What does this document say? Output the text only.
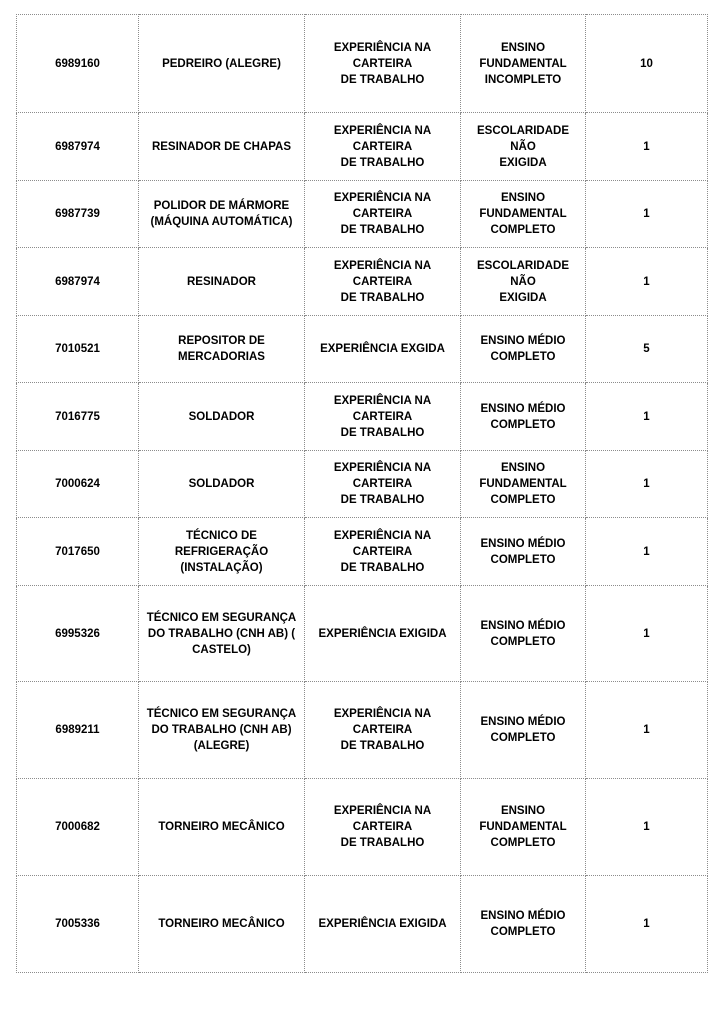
6989160	PEDREIRO (ALEGRE)	EXPERIÊNCIA NA CARTEIRA
DE TRABALHO	ENSINO
FUNDAMENTAL
INCOMPLETO	10
6987974	RESINADOR DE CHAPAS	EXPERIÊNCIA NA CARTEIRA
DE TRABALHO	ESCOLARIDADE NÃO
EXIGIDA	1
6987739	POLIDOR DE MÁRMORE
(MÁQUINA AUTOMÁTICA)	EXPERIÊNCIA NA CARTEIRA
DE TRABALHO	ENSINO
FUNDAMENTAL
COMPLETO	1
6987974	RESINADOR	EXPERIÊNCIA NA CARTEIRA
DE TRABALHO	ESCOLARIDADE NÃO
EXIGIDA	1
7010521	REPOSITOR DE
MERCADORIAS	EXPERIÊNCIA EXGIDA	ENSINO MÉDIO
COMPLETO	5
7016775	SOLDADOR	EXPERIÊNCIA NA CARTEIRA
DE TRABALHO	ENSINO MÉDIO
COMPLETO	1
7000624	SOLDADOR	EXPERIÊNCIA NA CARTEIRA
DE TRABALHO	ENSINO
FUNDAMENTAL
COMPLETO	1
7017650	TÉCNICO DE REFRIGERAÇÃO
(INSTALAÇÃO)	EXPERIÊNCIA NA CARTEIRA
DE TRABALHO	ENSINO MÉDIO
COMPLETO	1
6995326	TÉCNICO EM SEGURANÇA
DO TRABALHO (CNH AB) (
CASTELO)	EXPERIÊNCIA EXIGIDA	ENSINO MÉDIO
COMPLETO	1
6989211	TÉCNICO EM SEGURANÇA
DO TRABALHO (CNH AB)
(ALEGRE)	EXPERIÊNCIA NA CARTEIRA
DE TRABALHO	ENSINO MÉDIO
COMPLETO	1
7000682	TORNEIRO MECÂNICO	EXPERIÊNCIA NA CARTEIRA
DE TRABALHO	ENSINO
FUNDAMENTAL
COMPLETO	1
7005336	TORNEIRO MECÂNICO	EXPERIÊNCIA EXIGIDA	ENSINO MÉDIO
COMPLETO	1
